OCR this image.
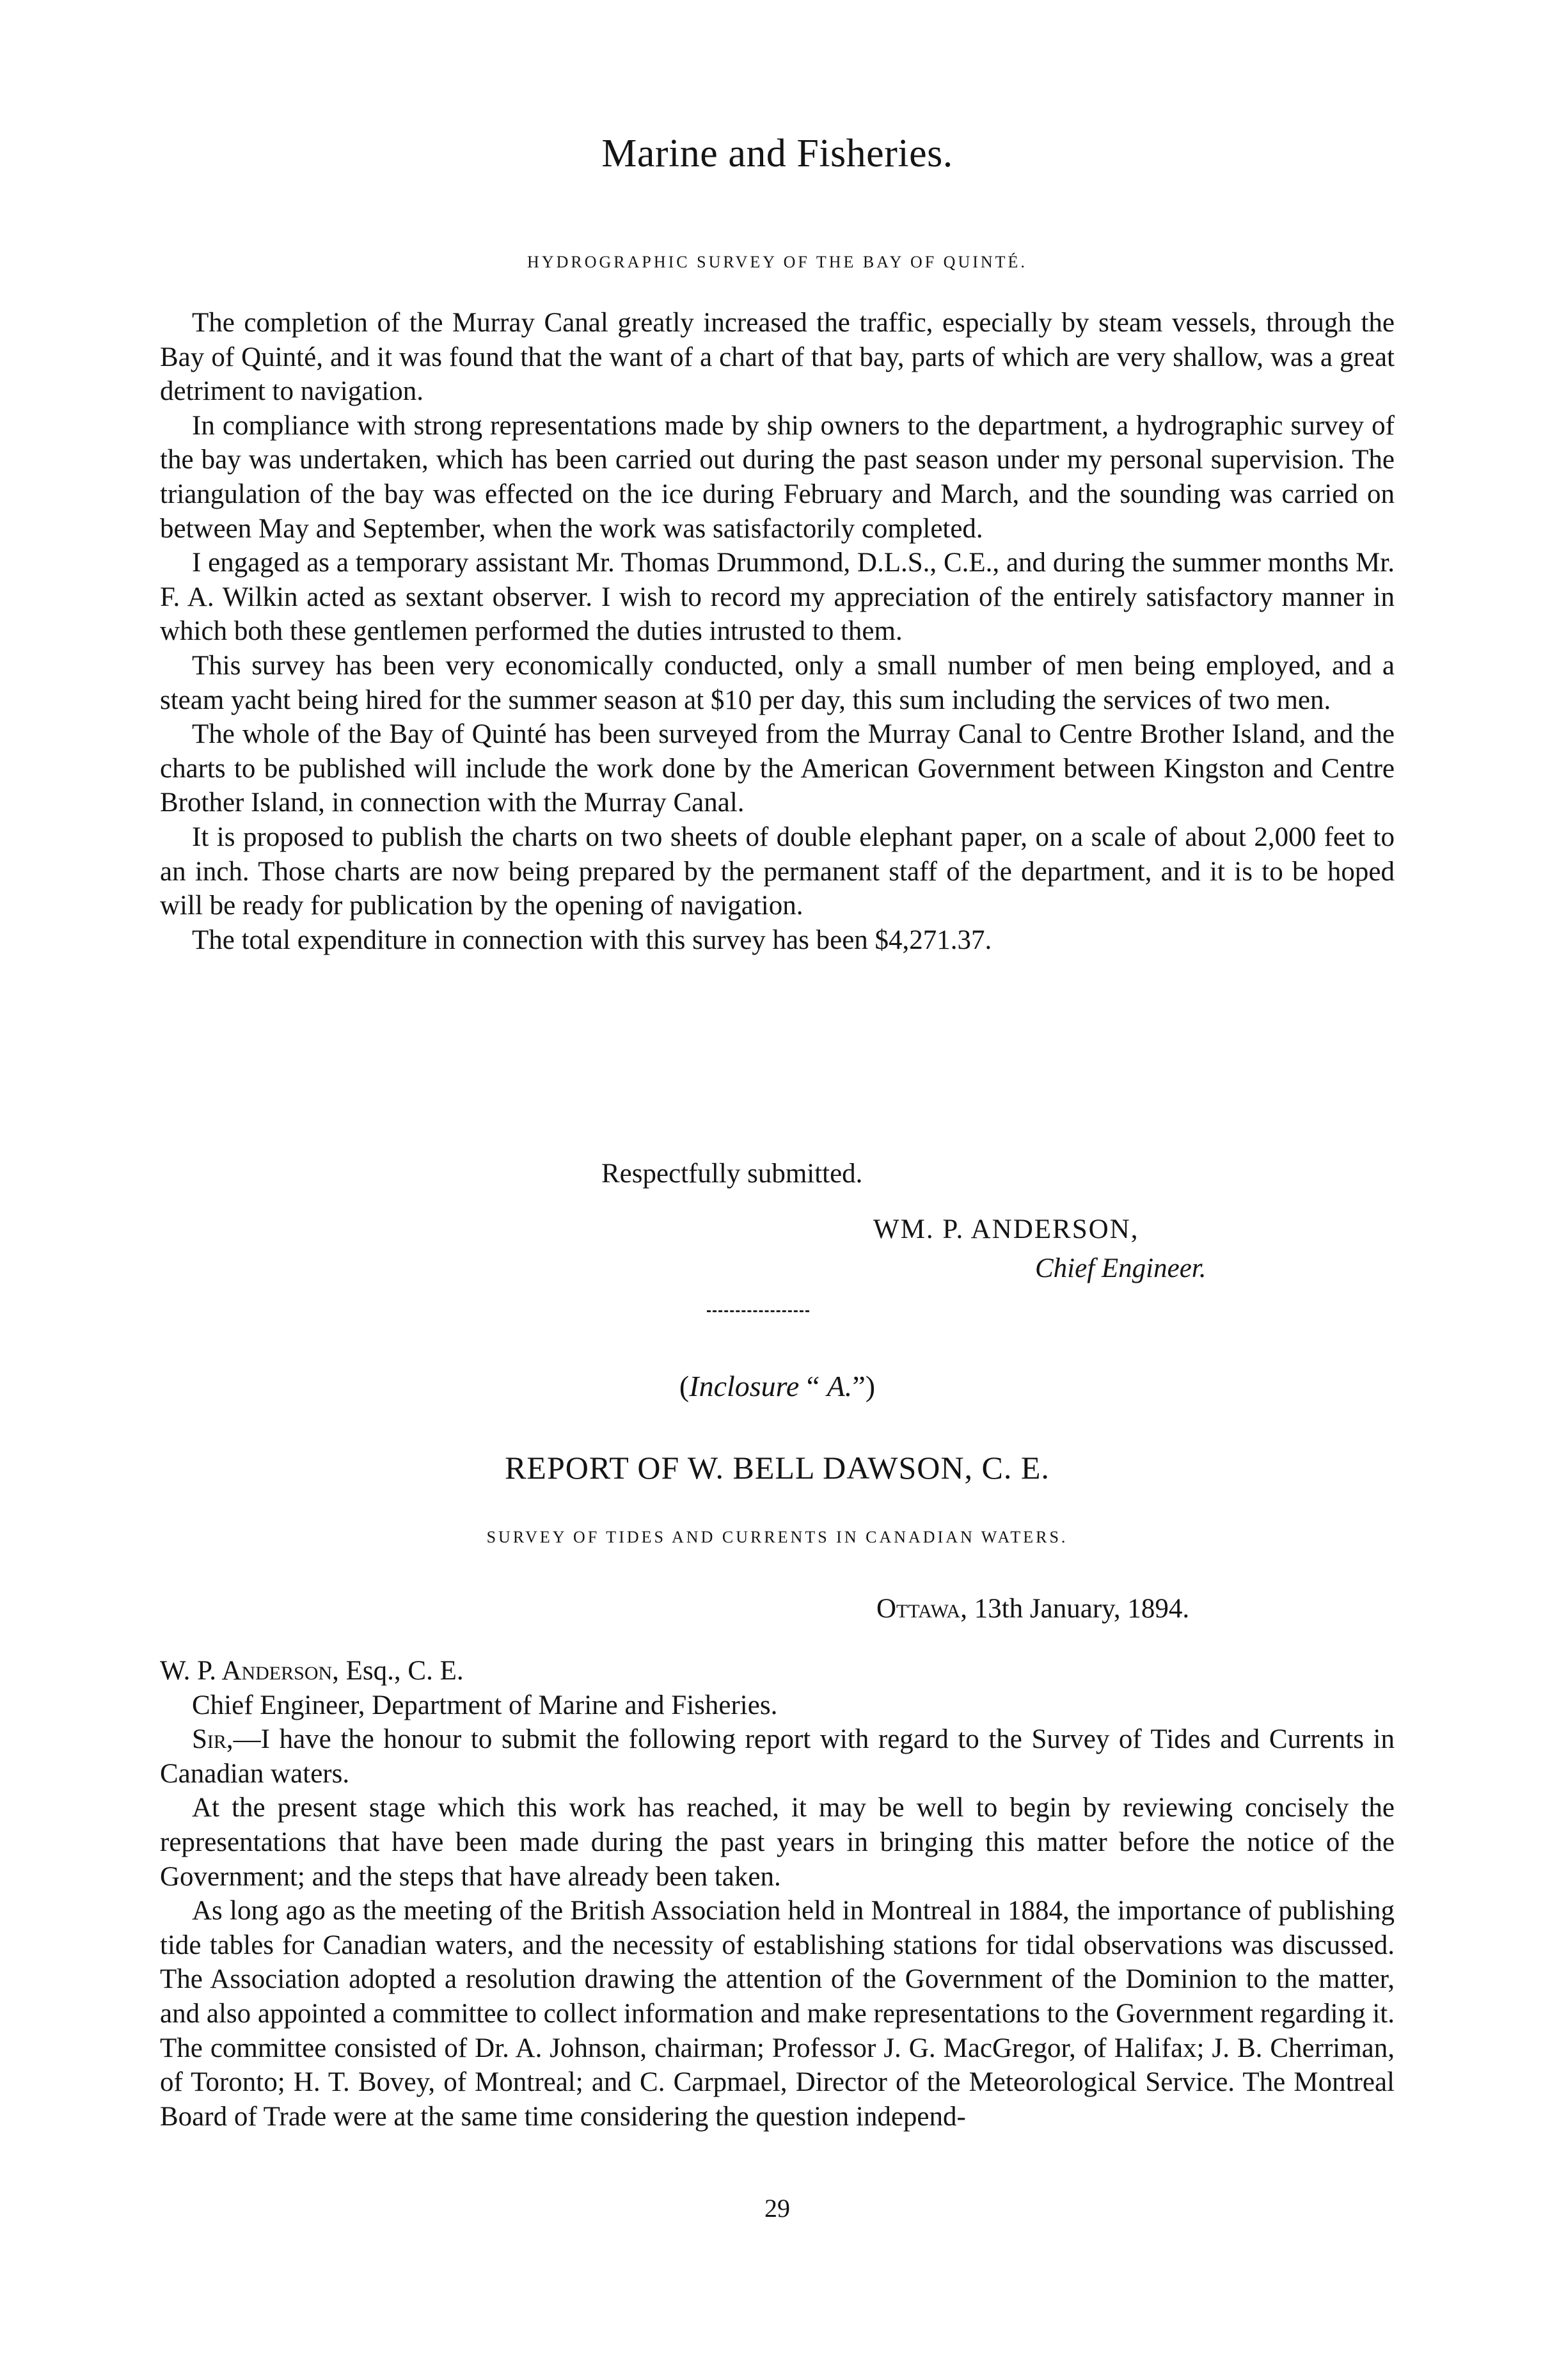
Marine and Fisheries.
HYDROGRAPHIC SURVEY OF THE BAY OF QUINTÉ.

The completion of the Murray Canal greatly increased the traffic, especially by steam vessels, through the Bay of Quinté, and it was found that the want of a chart of that bay, parts of which are very shallow, was a great detriment to navigation.

In compliance with strong representations made by ship owners to the department, a hydrographic survey of the bay was undertaken, which has been carried out during the past season under my personal supervision. The triangulation of the bay was effected on the ice during February and March, and the sounding was carried on between May and September, when the work was satisfactorily completed.

I engaged as a temporary assistant Mr. Thomas Drummond, D.L.S., C.E., and during the summer months Mr. F. A. Wilkin acted as sextant observer. I wish to record my appreciation of the entirely satisfactory manner in which both these gentlemen performed the duties intrusted to them.

This survey has been very economically conducted, only a small number of men being employed, and a steam yacht being hired for the summer season at $10 per day, this sum including the services of two men.

The whole of the Bay of Quinté has been surveyed from the Murray Canal to Centre Brother Island, and the charts to be published will include the work done by the American Government between Kingston and Centre Brother Island, in connection with the Murray Canal.

It is proposed to publish the charts on two sheets of double elephant paper, on a scale of about 2,000 feet to an inch. Those charts are now being prepared by the permanent staff of the department, and it is to be hoped will be ready for publication by the opening of navigation.

The total expenditure in connection with this survey has been $4,271.37.

Respectfully submitted.
WM. P. ANDERSON,
Chief Engineer.
(Inclosure “ A.”)
REPORT OF W. BELL DAWSON, C. E.
SURVEY OF TIDES AND CURRENTS IN CANADIAN WATERS.
Ottawa, 13th January, 1894.

W. P. Anderson, Esq., C. E.

Chief Engineer, Department of Marine and Fisheries.

Sir,—I have the honour to submit the following report with regard to the Survey of Tides and Currents in Canadian waters.

At the present stage which this work has reached, it may be well to begin by reviewing concisely the representations that have been made during the past years in bringing this matter before the notice of the Government; and the steps that have already been taken.

As long ago as the meeting of the British Association held in Montreal in 1884, the importance of publishing tide tables for Canadian waters, and the necessity of establishing stations for tidal observations was discussed. The Association adopted a resolution drawing the attention of the Government of the Dominion to the matter, and also appointed a committee to collect information and make representations to the Government regarding it. The committee consisted of Dr. A. Johnson, chairman; Professor J. G. MacGregor, of Halifax; J. B. Cherriman, of Toronto; H. T. Bovey, of Montreal; and C. Carpmael, Director of the Meteorological Service. The Montreal Board of Trade were at the same time considering the question independ-

29
